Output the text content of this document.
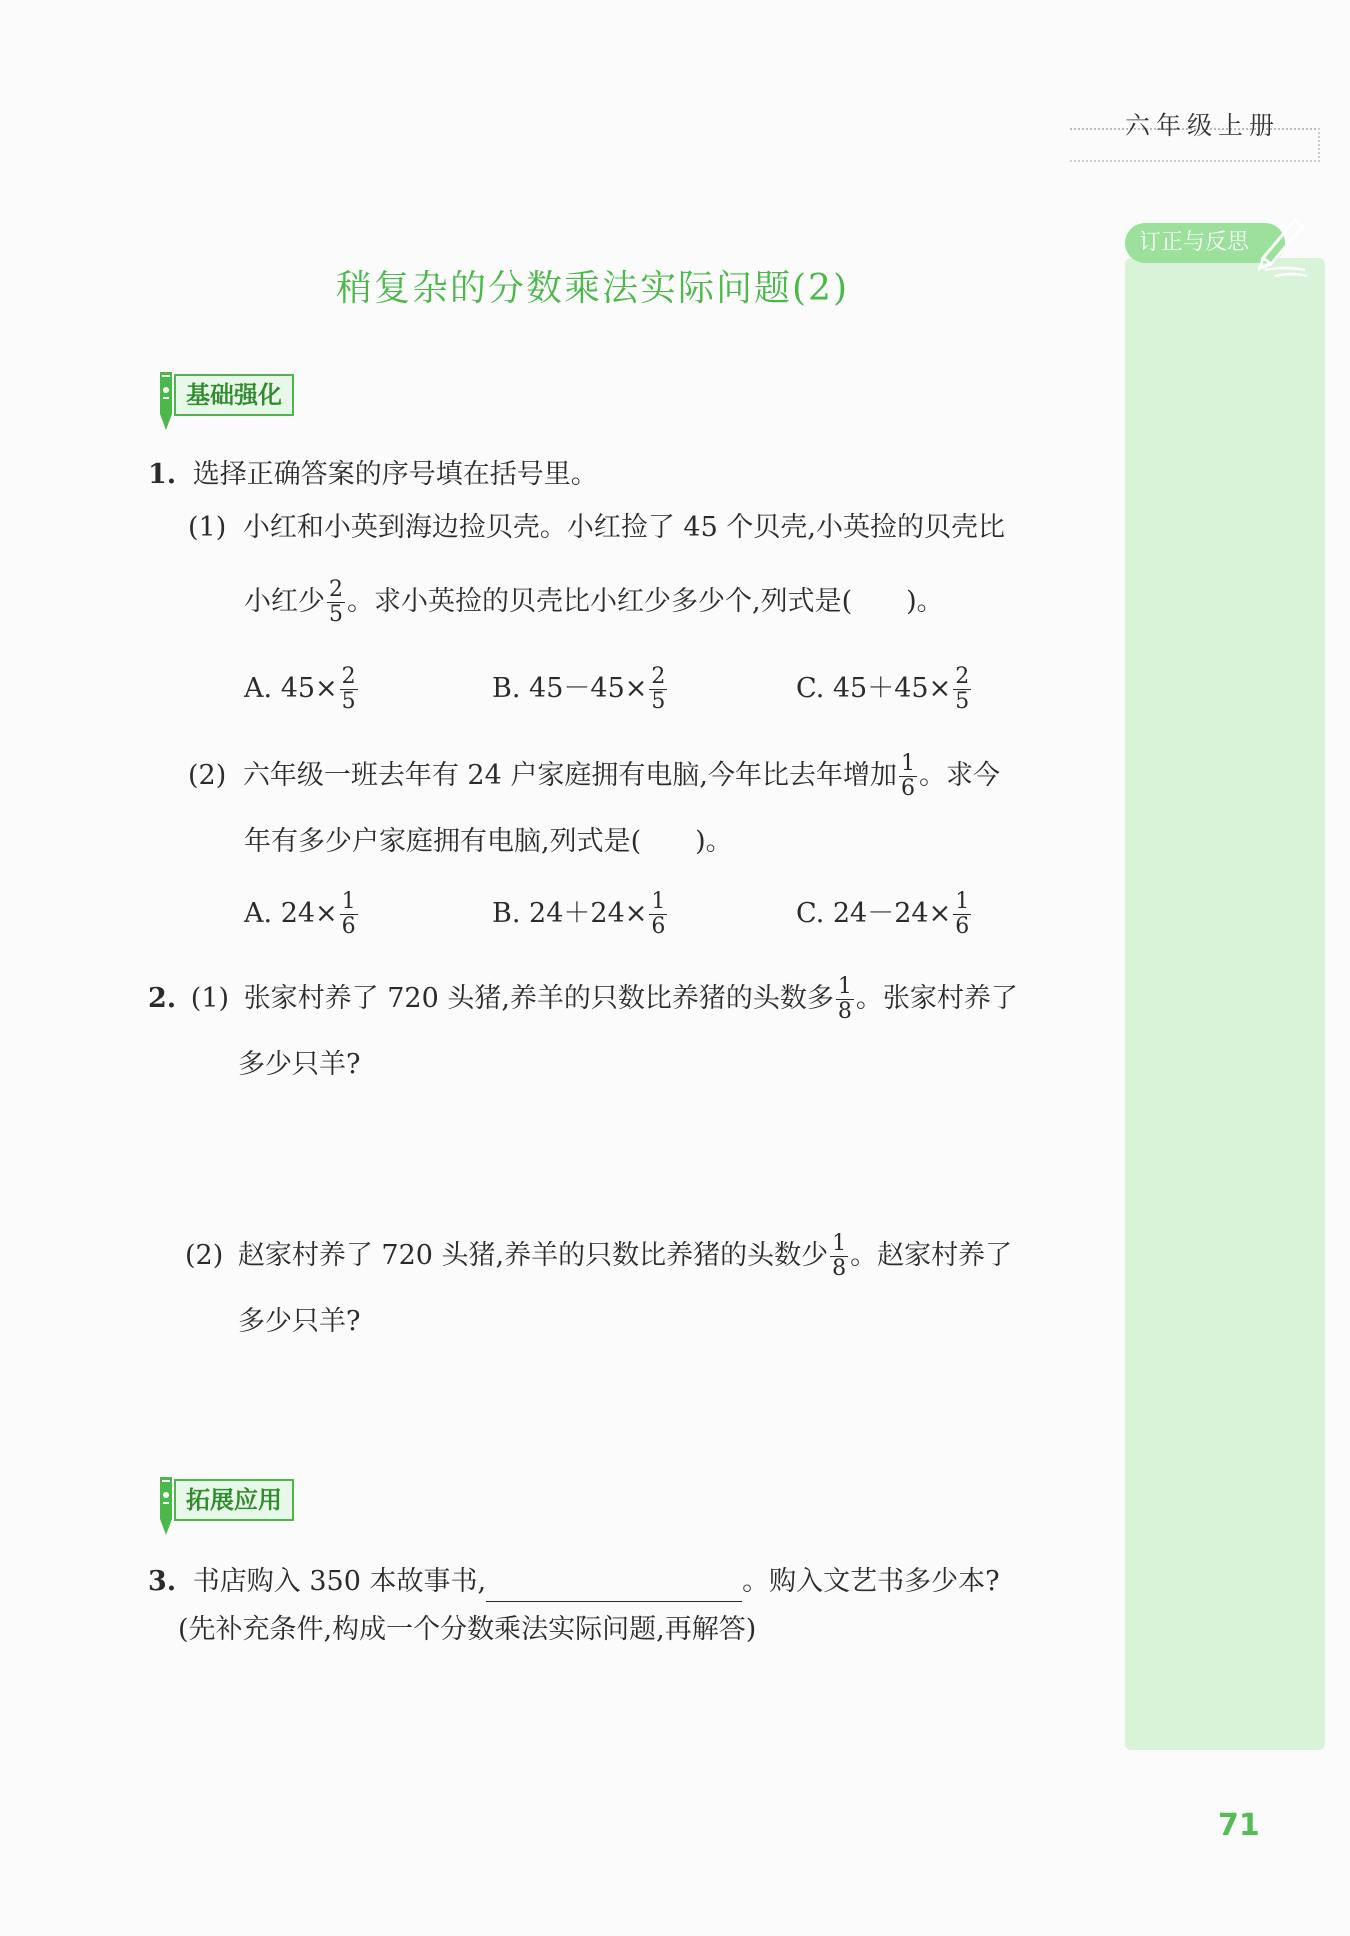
六年级上册
订正与反思
稍复杂的分数乘法实际问题(2)
基础强化
1. 选择正确答案的序号填在括号里。
(1) 小红和小英到海边捡贝壳。小红捡了 45 个贝壳,小英捡的贝壳比
小红少 $\frac{2}{5}$ 。求小英捡的贝壳比小红少多少个,列式是(　　)。
A. $45\times \frac{2}{5}$	B. $45-45\times \frac{2}{5}$	C. $45+45\times \frac{2}{5}$
(2) 六年级一班去年有 24 户家庭拥有电脑,今年比去年增加 $\frac{1}{6}$ 。求今
年有多少户家庭拥有电脑,列式是(　　)。
A. $24\times \frac{1}{6}$	B. $24+24\times \frac{1}{6}$	C. $24-24\times \frac{1}{6}$
2. (1) 张家村养了 720 头猪,养羊的只数比养猪的头数多 $\frac{1}{8}$ 。张家村养了
多少只羊?
(2) 赵家村养了 720 头猪,养羊的只数比养猪的头数少 $\frac{1}{8}$ 。赵家村养了
多少只羊?
拓展应用
3. 书店购入 350 本故事书,	。购入文艺书多少本?
(先补充条件,构成一个分数乘法实际问题,再解答)
71
